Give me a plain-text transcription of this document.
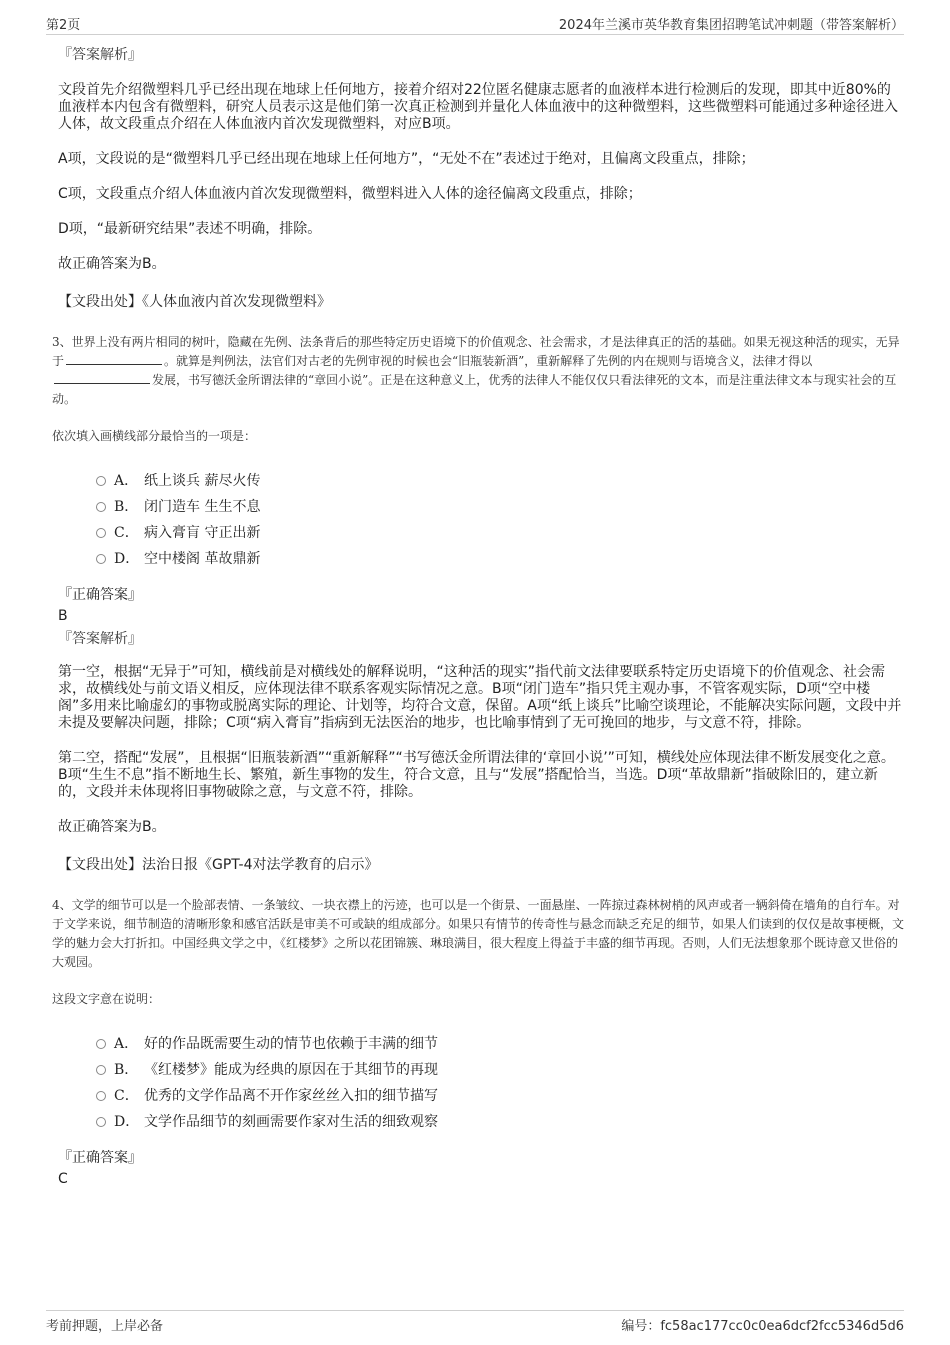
第2页	2024年兰溪市英华教育集团招聘笔试冲刺题（带答案解析）
『答案解析』

文段首先介绍微塑料几乎已经出现在地球上任何地方，接着介绍对22位匿名健康志愿者的血液样本进行检测后的发现，即其中近80%的血液样本内包含有微塑料，研究人员表示这是他们第一次真正检测到并量化人体血液中的这种微塑料，这些微塑料可能通过多种途径进入人体，故文段重点介绍在人体血液内首次发现微塑料，对应B项。

A项，文段说的是“微塑料几乎已经出现在地球上任何地方”，“无处不在”表述过于绝对，且偏离文段重点，排除；

C项，文段重点介绍人体血液内首次发现微塑料，微塑料进入人体的途径偏离文段重点，排除；

D项，“最新研究结果”表述不明确，排除。

故正确答案为B。

【文段出处】《人体血液内首次发现微塑料》

3、世界上没有两片相同的树叶，隐藏在先例、法条背后的那些特定历史语境下的价值观念、社会需求，才是法律真正的活的基础。如果无视这种活的现实，无异于	。就算是判例法，法官们对古老的先例审视的时候也会“旧瓶装新酒”，重新解释了先例的内在规则与语境含义，法律才得以发展，书写德沃金所谓法律的“章回小说”。正是在这种意义上，优秀的法律人不能仅仅只看法律死的文本，而是注重法律文本与现实社会的互动。

依次填入画横线部分最恰当的一项是：
A． 纸上谈兵 薪尽火传
B． 闭门造车 生生不息
C． 病入膏肓 守正出新
D． 空中楼阁 革故鼎新
『正确答案』
B
『答案解析』

第一空，根据“无异于”可知，横线前是对横线处的解释说明，“这种活的现实”指代前文法律要联系特定历史语境下的价值观念、社会需求，故横线处与前文语义相反，应体现法律不联系客观实际情况之意。B项“闭门造车”指只凭主观办事，不管客观实际，D项“空中楼阁”多用来比喻虚幻的事物或脱离实际的理论、计划等，均符合文意，保留。A项“纸上谈兵”比喻空谈理论，不能解决实际问题，文段中并未提及要解决问题，排除；C项“病入膏肓”指病到无法医治的地步，也比喻事情到了无可挽回的地步，与文意不符，排除。

第二空，搭配“发展”，且根据“旧瓶装新酒”“重新解释”“书写德沃金所谓法律的‘章回小说’”可知，横线处应体现法律不断发展变化之意。B项“生生不息”指不断地生长、繁殖，新生事物的发生，符合文意，且与“发展”搭配恰当，当选。D项“革故鼎新”指破除旧的，建立新的，文段并未体现将旧事物破除之意，与文意不符，排除。

故正确答案为B。

【文段出处】法治日报《GPT-4对法学教育的启示》

4、文学的细节可以是一个脸部表情、一条皱纹、一块衣襟上的污迹，也可以是一个街景、一面悬崖、一阵掠过森林树梢的风声或者一辆斜倚在墙角的自行车。对于文学来说，细节制造的清晰形象和感官活跃是审美不可或缺的组成部分。如果只有情节的传奇性与悬念而缺乏充足的细节，如果人们读到的仅仅是故事梗概，文学的魅力会大打折扣。中国经典文学之中，《红楼梦》之所以花团锦簇、琳琅满目，很大程度上得益于丰盛的细节再现。否则，人们无法想象那个既诗意又世俗的大观园。

这段文字意在说明：
A． 好的作品既需要生动的情节也依赖于丰满的细节
B． 《红楼梦》能成为经典的原因在于其细节的再现
C． 优秀的文学作品离不开作家丝丝入扣的细节描写
D． 文学作品细节的刻画需要作家对生活的细致观察
『正确答案』
C
考前押题，上岸必备	编号：fc58ac177cc0c0ea6dcf2fcc5346d5d6
